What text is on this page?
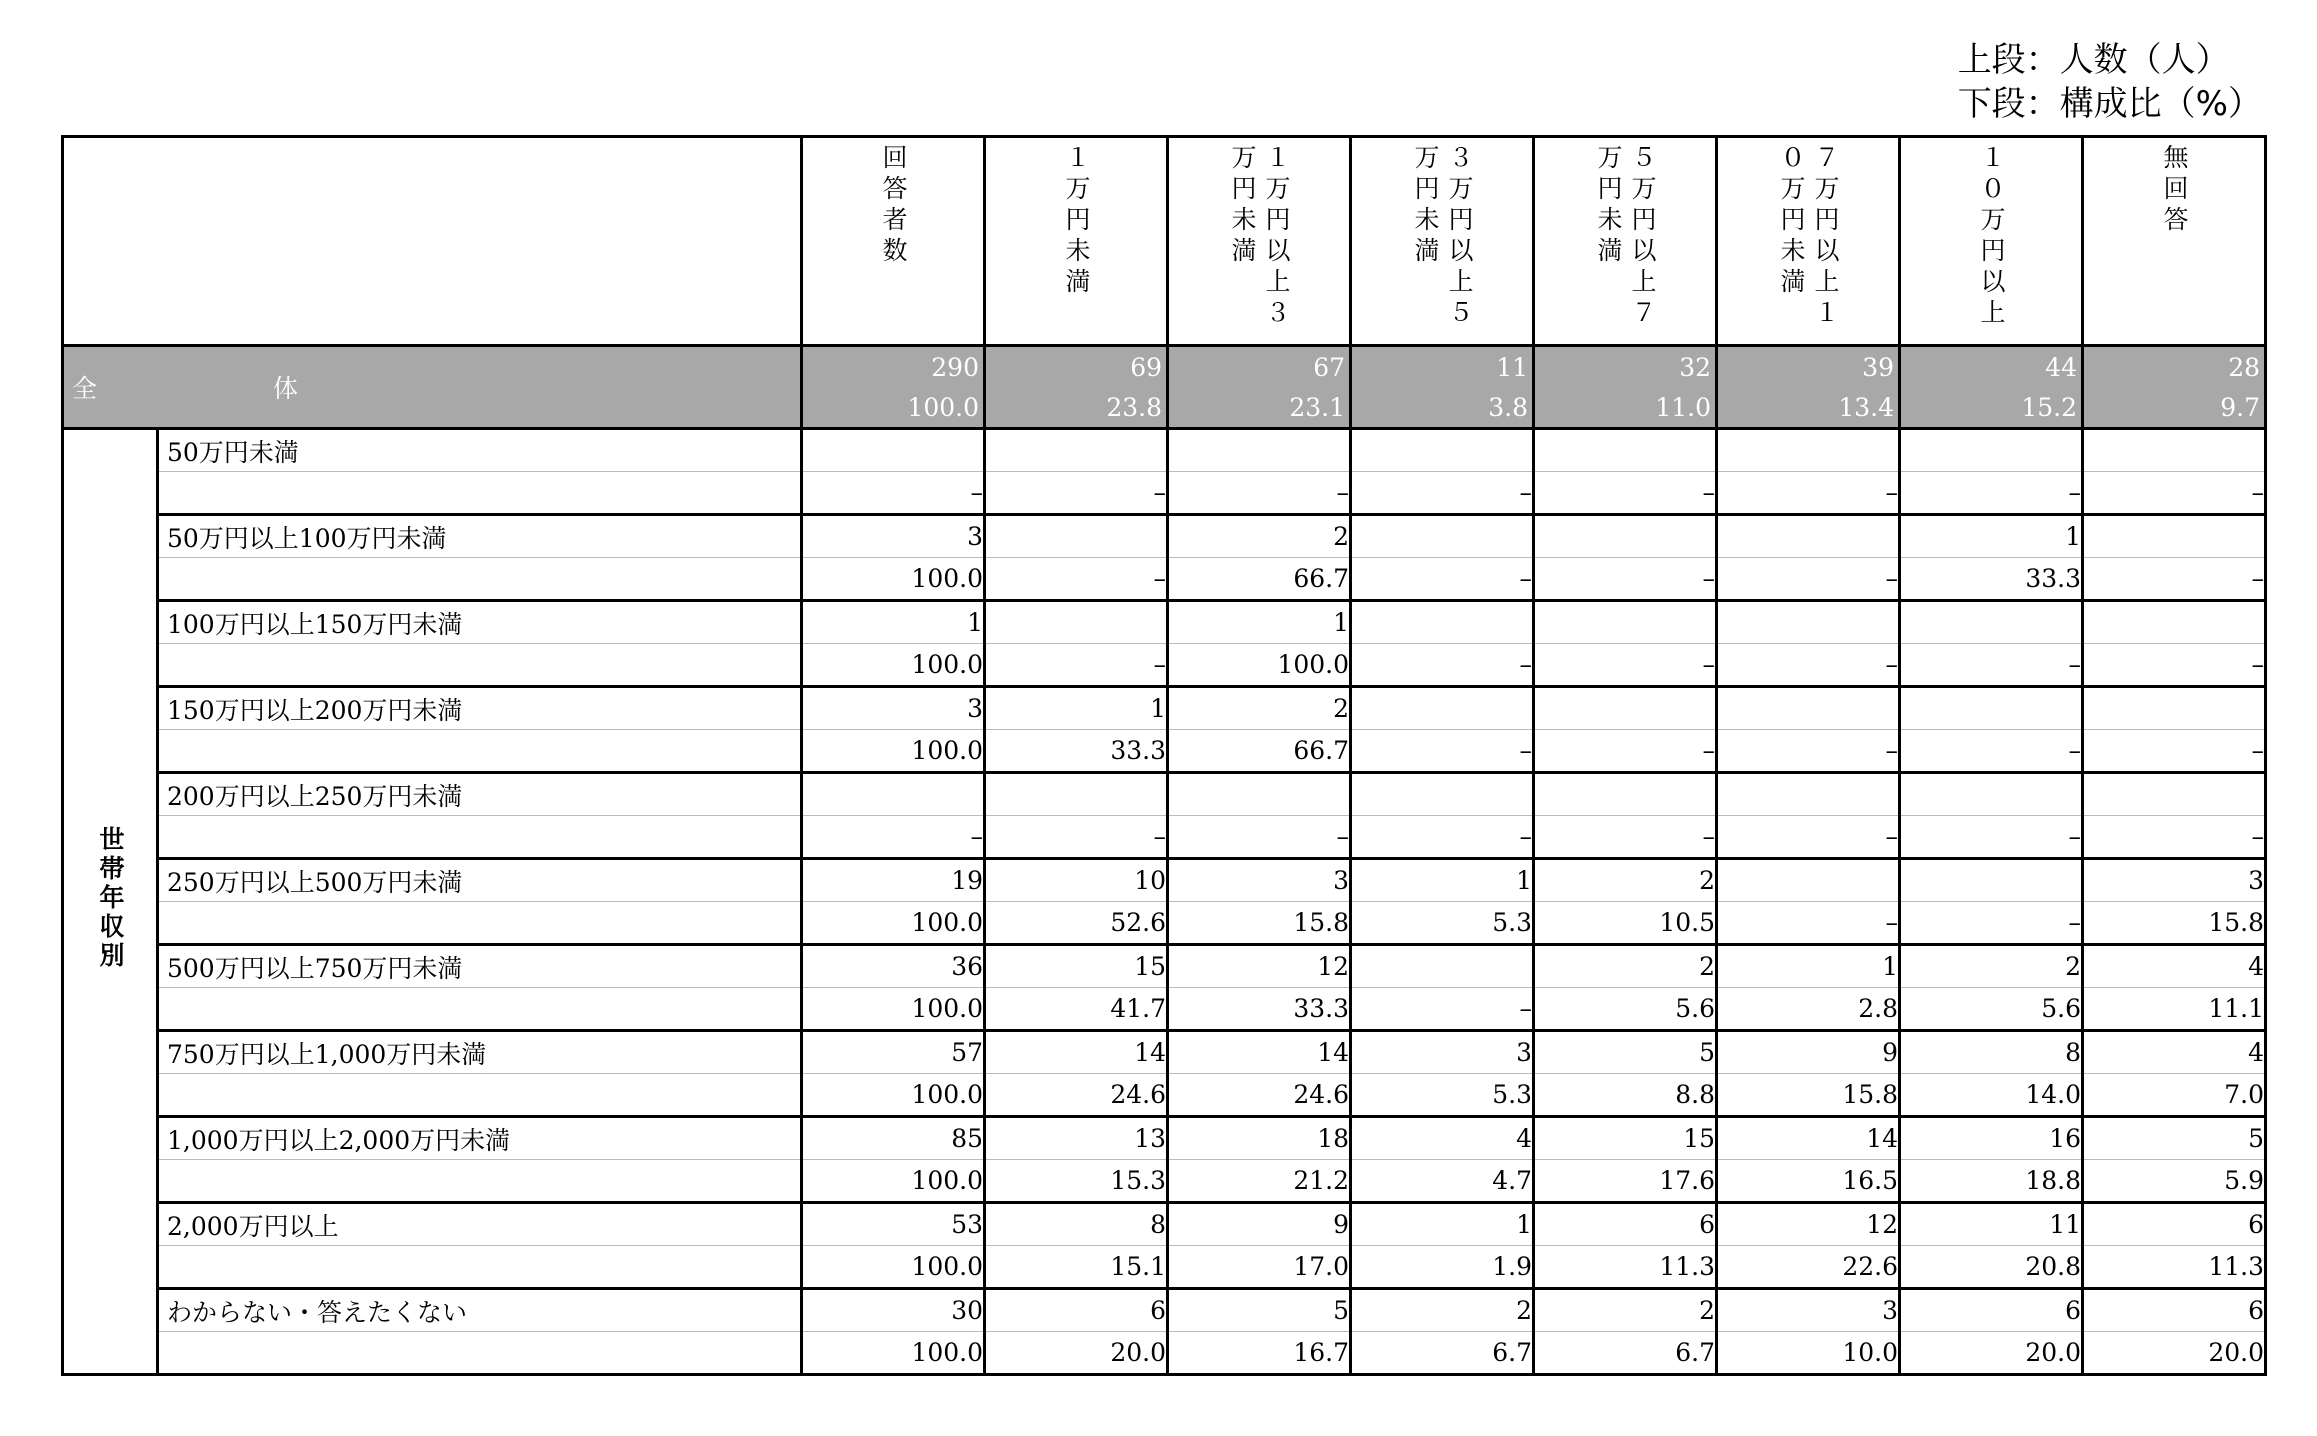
上段：人数（人）
下段：構成比（%）

		回答者数	１万円未満	１万円以上３万円未満	３万円以上５万円未満	５万円以上７万円未満	７万円以上１０万円未満	１０万円以上	無回答

全 体		290	69	67	11	32	39	44	28
		100.0	23.8	23.1	3.8	11.0	13.4	15.2	9.7
世帯年収別	50万円未満								
		–	–	–	–	–	–	–	–
	50万円以上100万円未満	3		2				1	
		100.0	–	66.7	–	–	–	33.3	–
	100万円以上150万円未満	1		1					
		100.0	–	100.0	–	–	–	–	–
	150万円以上200万円未満	3	1	2					
		100.0	33.3	66.7	–	–	–	–	–
	200万円以上250万円未満								
		–	–	–	–	–	–	–	–
	250万円以上500万円未満	19	10	3	1	2			3
		100.0	52.6	15.8	5.3	10.5	–	–	15.8
	500万円以上750万円未満	36	15	12		2	1	2	4
		100.0	41.7	33.3	–	5.6	2.8	5.6	11.1
	750万円以上1,000万円未満	57	14	14	3	5	9	8	4
		100.0	24.6	24.6	5.3	8.8	15.8	14.0	7.0
	1,000万円以上2,000万円未満	85	13	18	4	15	14	16	5
		100.0	15.3	21.2	4.7	17.6	16.5	18.8	5.9
	2,000万円以上	53	8	9	1	6	12	11	6
		100.0	15.1	17.0	1.9	11.3	22.6	20.8	11.3
	わからない・答えたくない	30	6	5	2	2	3	6	6
		100.0	20.0	16.7	6.7	6.7	10.0	20.0	20.0
